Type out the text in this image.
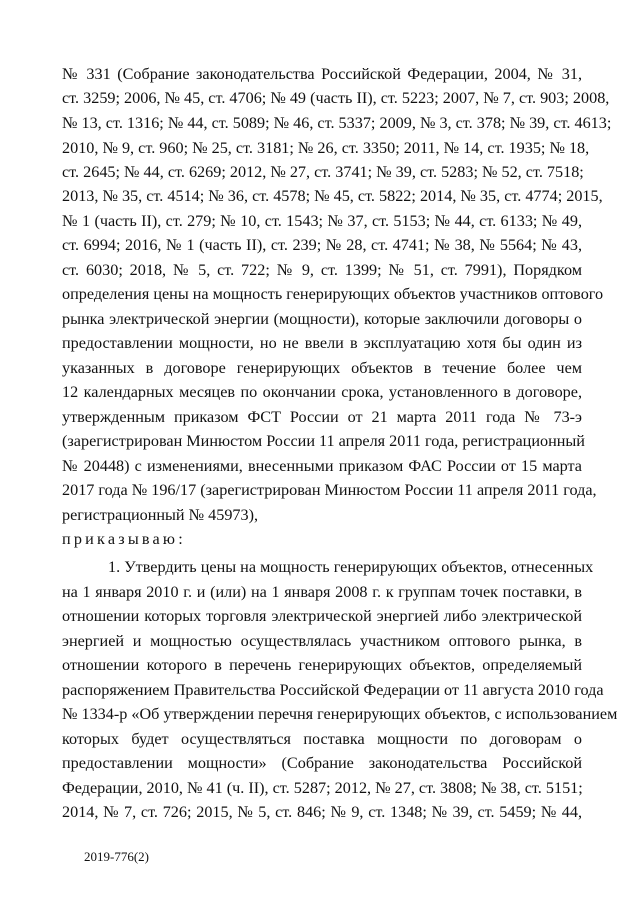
№ 331 (Собрание законодательства Российской Федерации, 2004, № 31,
ст. 3259; 2006, № 45, ст. 4706; № 49 (часть II), ст. 5223; 2007, № 7, ст. 903; 2008,
№ 13, ст. 1316; № 44, ст. 5089; № 46, ст. 5337; 2009, № 3, ст. 378; № 39, ст. 4613;
2010, № 9, ст. 960; № 25, ст. 3181; № 26, ст. 3350; 2011, № 14, ст. 1935; № 18,
ст. 2645; № 44, ст. 6269; 2012, № 27, ст. 3741; № 39, ст. 5283; № 52, ст. 7518;
2013, № 35, ст. 4514; № 36, ст. 4578; № 45, ст. 5822; 2014, № 35, ст. 4774; 2015,
№ 1 (часть II), ст. 279; № 10, ст. 1543; № 37, ст. 5153; № 44, ст. 6133; № 49,
ст. 6994; 2016, № 1 (часть II), ст. 239; № 28, ст. 4741; № 38, № 5564; № 43,
ст. 6030; 2018, № 5, ст. 722; № 9, ст. 1399; № 51, ст. 7991), Порядком
определения цены на мощность генерирующих объектов участников оптового
рынка электрической энергии (мощности), которые заключили договоры о
предоставлении мощности, но не ввели в эксплуатацию хотя бы один из
указанных в договоре генерирующих объектов в течение более чем
12 календарных месяцев по окончании срока, установленного в договоре,
утвержденным приказом ФСТ России от 21 марта 2011 года № 73-э
(зарегистрирован Минюстом России 11 апреля 2011 года, регистрационный
№ 20448) с изменениями, внесенными приказом ФАС России от 15 марта
2017 года № 196/17 (зарегистрирован Минюстом России 11 апреля 2011 года,
регистрационный № 45973),
приказываю:
1. Утвердить цены на мощность генерирующих объектов, отнесенных
на 1 января 2010 г. и (или) на 1 января 2008 г. к группам точек поставки, в
отношении которых торговля электрической энергией либо электрической
энергией и мощностью осуществлялась участником оптового рынка, в
отношении которого в перечень генерирующих объектов, определяемый
распоряжением Правительства Российской Федерации от 11 августа 2010 года
№ 1334-р «Об утверждении перечня генерирующих объектов, с использованием
которых будет осуществляться поставка мощности по договорам о
предоставлении мощности» (Собрание законодательства Российской
Федерации, 2010, № 41 (ч. II), ст. 5287; 2012, № 27, ст. 3808; № 38, ст. 5151;
2014, № 7, ст. 726; 2015, № 5, ст. 846; № 9, ст. 1348; № 39, ст. 5459; № 44,
2019-776(2)
